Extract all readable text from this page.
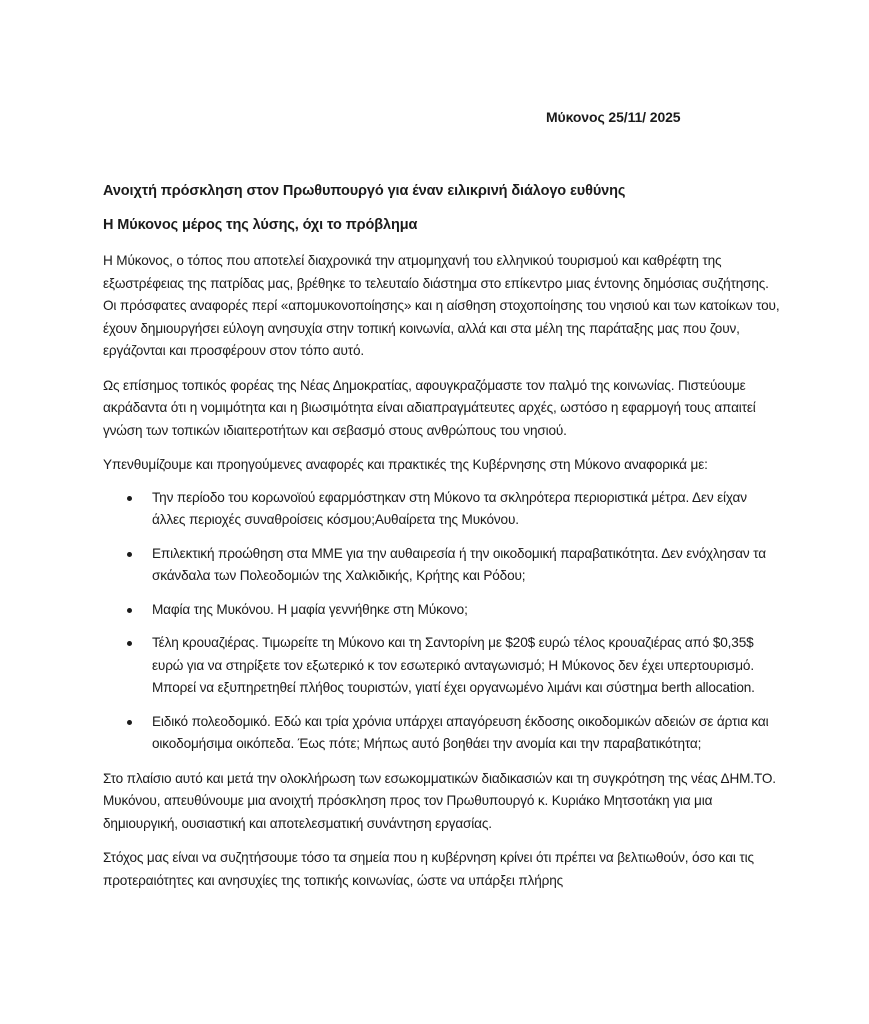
Μύκονος 25/11/ 2025
Ανοιχτή πρόσκληση στον Πρωθυπουργό για έναν ειλικρινή διάλογο ευθύνης
Η Μύκονος μέρος της λύσης, όχι το πρόβλημα

Η Μύκονος, ο τόπος που αποτελεί διαχρονικά την ατμομηχανή του ελληνικού τουρισμού και καθρέφτη της εξωστρέφειας της πατρίδας μας, βρέθηκε το τελευταίο διάστημα στο επίκεντρο μιας έντονης δημόσιας συζήτησης. Οι πρόσφατες αναφορές περί «απομυκονοποίησης» και η αίσθηση στοχοποίησης του νησιού και των κατοίκων του, έχουν δημιουργήσει εύλογη ανησυχία στην τοπική κοινωνία, αλλά και στα μέλη της παράταξης μας που ζουν, εργάζονται και προσφέρουν στον τόπο αυτό.

Ως επίσημος τοπικός φορέας της Νέας Δημοκρατίας, αφουγκραζόμαστε τον παλμό της κοινωνίας. Πιστεύουμε ακράδαντα ότι η νομιμότητα και η βιωσιμότητα είναι αδιαπραγμάτευτες αρχές, ωστόσο η εφαρμογή τους απαιτεί γνώση των τοπικών ιδιαιτεροτήτων και σεβασμό στους ανθρώπους του νησιού.

Υπενθυμίζουμε και προηγούμενες αναφορές και πρακτικές της Κυβέρνησης στη Μύκονο αναφορικά με:

Την περίοδο του κορωνοϊού εφαρμόστηκαν στη Μύκονο τα σκληρότερα περιοριστικά μέτρα. Δεν είχαν άλλες περιοχές συναθροίσεις κόσμου;Αυθαίρετα της Μυκόνου.
Επιλεκτική προώθηση στα ΜΜΕ για την αυθαιρεσία ή την οικοδομική παραβατικότητα. Δεν ενόχλησαν τα σκάνδαλα των Πολεοδομιών της Χαλκιδικής, Κρήτης και Ρόδου;
Μαφία της Μυκόνου. Η μαφία γεννήθηκε στη Μύκονο;
Τέλη κρουαζιέρας. Τιμωρείτε τη Μύκονο και τη Σαντορίνη με $20$ ευρώ τέλος κρουαζιέρας από $0,35$ ευρώ για να στηρίξετε τον εξωτερικό κ τον εσωτερικό ανταγωνισμό; Η Μύκονος δεν έχει υπερτουρισμό. Μπορεί να εξυπηρετηθεί πλήθος τουριστών, γιατί έχει οργανωμένο λιμάνι και σύστημα berth allocation.
Ειδικό πολεοδομικό. Εδώ και τρία χρόνια υπάρχει απαγόρευση έκδοσης οικοδομικών αδειών σε άρτια και οικοδομήσιμα οικόπεδα. Έως πότε; Μήπως αυτό βοηθάει την ανομία και την παραβατικότητα;

Στο πλαίσιο αυτό και μετά την ολοκλήρωση των εσωκομματικών διαδικασιών και τη συγκρότηση της νέας ΔΗΜ.ΤΟ. Μυκόνου, απευθύνουμε μια ανοιχτή πρόσκληση προς τον Πρωθυπουργό κ. Κυριάκο Μητσοτάκη για μια δημιουργική, ουσιαστική και αποτελεσματική συνάντηση εργασίας.

Στόχος μας είναι να συζητήσουμε τόσο τα σημεία που η κυβέρνηση κρίνει ότι πρέπει να βελτιωθούν, όσο και τις προτεραιότητες και ανησυχίες της τοπικής κοινωνίας, ώστε να υπάρξει πλήρης
